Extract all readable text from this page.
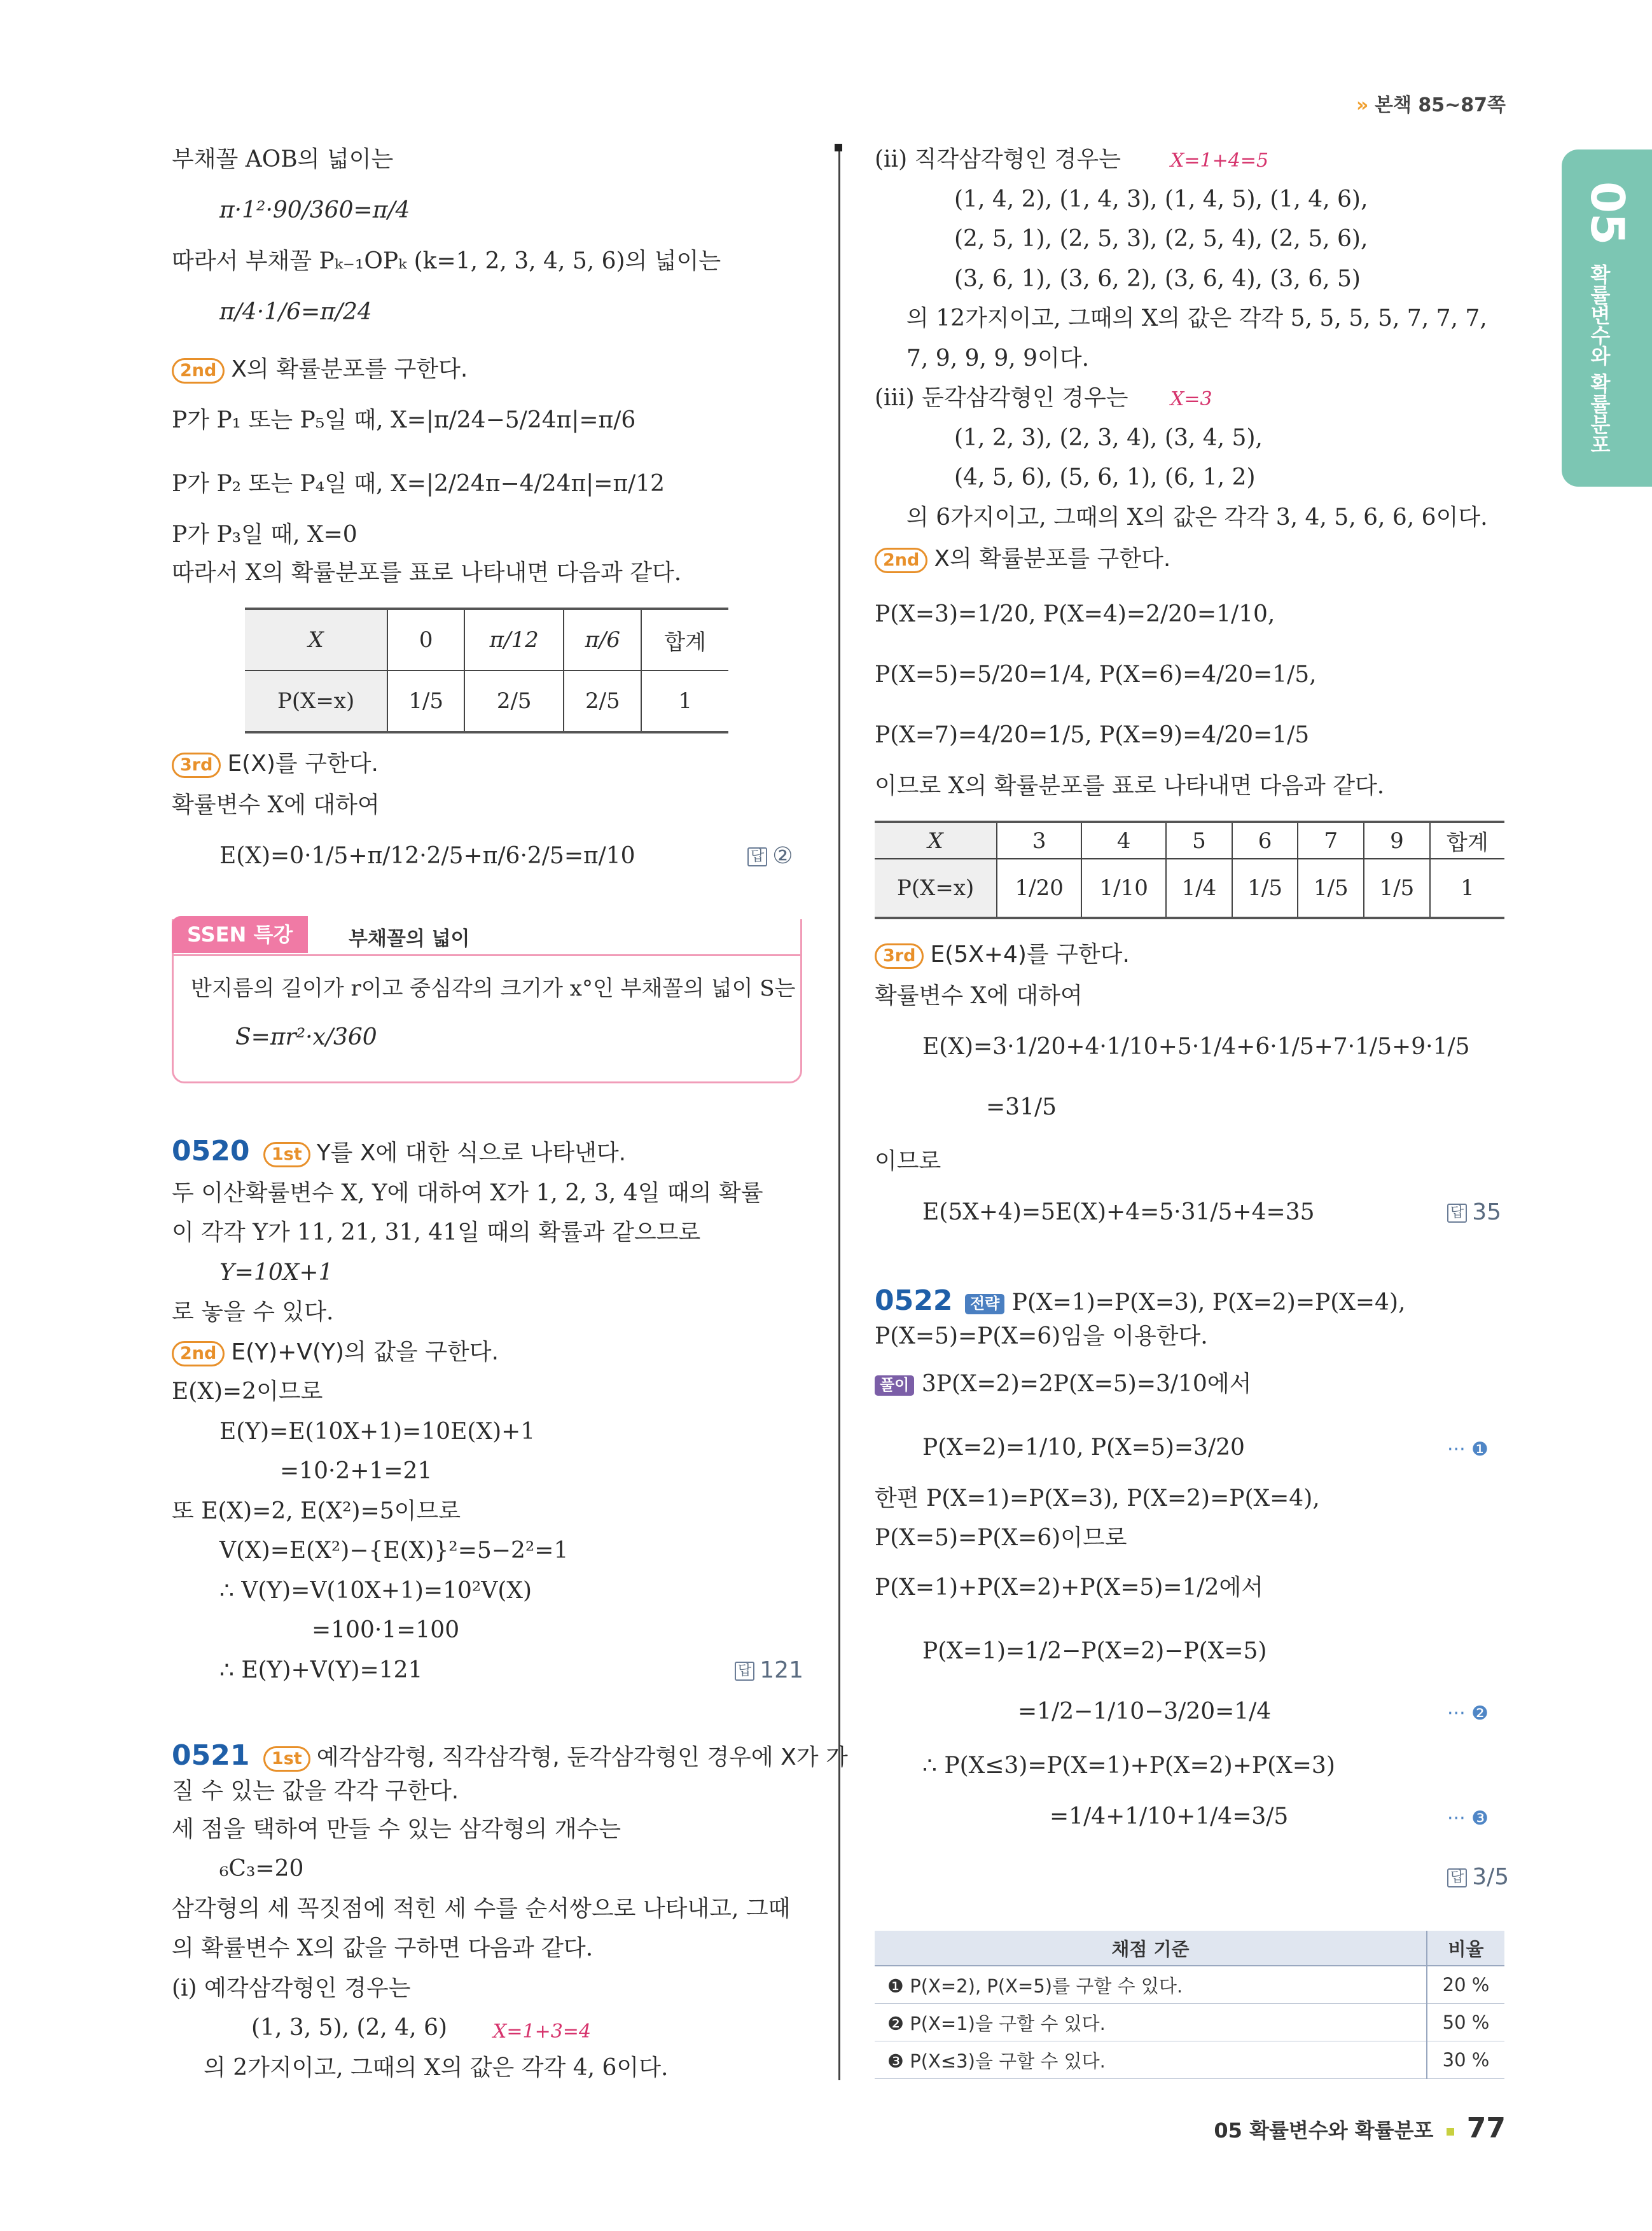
» 본책 85~87쪽
05
확률변수와 확률분포
부채꼴 AOB의 넓이는
π·1²·90/360=π/4
따라서 부채꼴 Pₖ₋₁OPₖ (k=1, 2, 3, 4, 5, 6)의 넓이는
π/4·1/6=π/24
2nd X의 확률분포를 구한다.
P가 P₁ 또는 P₅일 때, X=|π/24−5/24π|=π/6
P가 P₂ 또는 P₄일 때, X=|2/24π−4/24π|=π/12
P가 P₃일 때, X=0
따라서 X의 확률분포를 표로 나타내면 다음과 같다.
X	0	π/12	π/6	합계
P(X=x)	1/5	2/5	2/5	1
3rd E(X)를 구한다.
확률변수 X에 대하여
E(X)=0·1/5+π/12·2/5+π/6·2/5=π/10	답 ②
SSEN 특강	부채꼴의 넓이
반지름의 길이가 r이고 중심각의 크기가 x°인 부채꼴의 넓이 S는
S=πr²·x/360
0520 1st Y를 X에 대한 식으로 나타낸다.
두 이산확률변수 X, Y에 대하여 X가 1, 2, 3, 4일 때의 확률
이 각각 Y가 11, 21, 31, 41일 때의 확률과 같으므로
Y=10X+1
로 놓을 수 있다.
2nd E(Y)+V(Y)의 값을 구한다.
E(X)=2이므로
E(Y)=E(10X+1)=10E(X)+1
=10·2+1=21
또 E(X)=2, E(X²)=5이므로
V(X)=E(X²)−{E(X)}²=5−2²=1
∴ V(Y)=V(10X+1)=10²V(X)
=100·1=100
∴ E(Y)+V(Y)=121	답 121
0521 1st 예각삼각형, 직각삼각형, 둔각삼각형인 경우에 X가 가
질 수 있는 값을 각각 구한다.
세 점을 택하여 만들 수 있는 삼각형의 개수는
₆C₃=20
삼각형의 세 꼭짓점에 적힌 세 수를 순서쌍으로 나타내고, 그때
의 확률변수 X의 값을 구하면 다음과 같다.
(i) 예각삼각형인 경우는
(1, 3, 5), (2, 4, 6) X=1+3=4
의 2가지이고, 그때의 X의 값은 각각 4, 6이다.
(ii) 직각삼각형인 경우는	X=1+4=5
(1, 4, 2), (1, 4, 3), (1, 4, 5), (1, 4, 6),
(2, 5, 1), (2, 5, 3), (2, 5, 4), (2, 5, 6),
(3, 6, 1), (3, 6, 2), (3, 6, 4), (3, 6, 5)
의 12가지이고, 그때의 X의 값은 각각 5, 5, 5, 5, 7, 7, 7,
7, 9, 9, 9, 9이다.
(iii) 둔각삼각형인 경우는 X=3
(1, 2, 3), (2, 3, 4), (3, 4, 5),
(4, 5, 6), (5, 6, 1), (6, 1, 2)
의 6가지이고, 그때의 X의 값은 각각 3, 4, 5, 6, 6, 6이다.
2nd X의 확률분포를 구한다.
P(X=3)=1/20, P(X=4)=2/20=1/10,
P(X=5)=5/20=1/4, P(X=6)=4/20=1/5,
P(X=7)=4/20=1/5, P(X=9)=4/20=1/5
이므로 X의 확률분포를 표로 나타내면 다음과 같다.
X	3	4	5	6	7	9	합계
P(X=x)	1/20	1/10	1/4	1/5	1/5	1/5	1
3rd E(5X+4)를 구한다.
확률변수 X에 대하여
E(X)=3·1/20+4·1/10+5·1/4+6·1/5+7·1/5+9·1/5
=31/5
이므로
E(5X+4)=5E(X)+4=5·31/5+4=35	답 35
0522 전략 P(X=1)=P(X=3), P(X=2)=P(X=4),
P(X=5)=P(X=6)임을 이용한다.
풀이 3P(X=2)=2P(X=5)=3/10에서
P(X=2)=1/10, P(X=5)=3/20	··· ❶
한편 P(X=1)=P(X=3), P(X=2)=P(X=4),
P(X=5)=P(X=6)이므로
P(X=1)+P(X=2)+P(X=5)=1/2에서
P(X=1)=1/2−P(X=2)−P(X=5)
=1/2−1/10−3/20=1/4	··· ❷
∴ P(X≤3)=P(X=1)+P(X=2)+P(X=3)
=1/4+1/10+1/4=3/5	··· ❸
답 3/5
채점 기준	비율
❶ P(X=2), P(X=5)를 구할 수 있다.	20 %
❷ P(X=1)을 구할 수 있다.	50 %
❸ P(X≤3)을 구할 수 있다.	30 %
05 확률변수와 확률분포 77
